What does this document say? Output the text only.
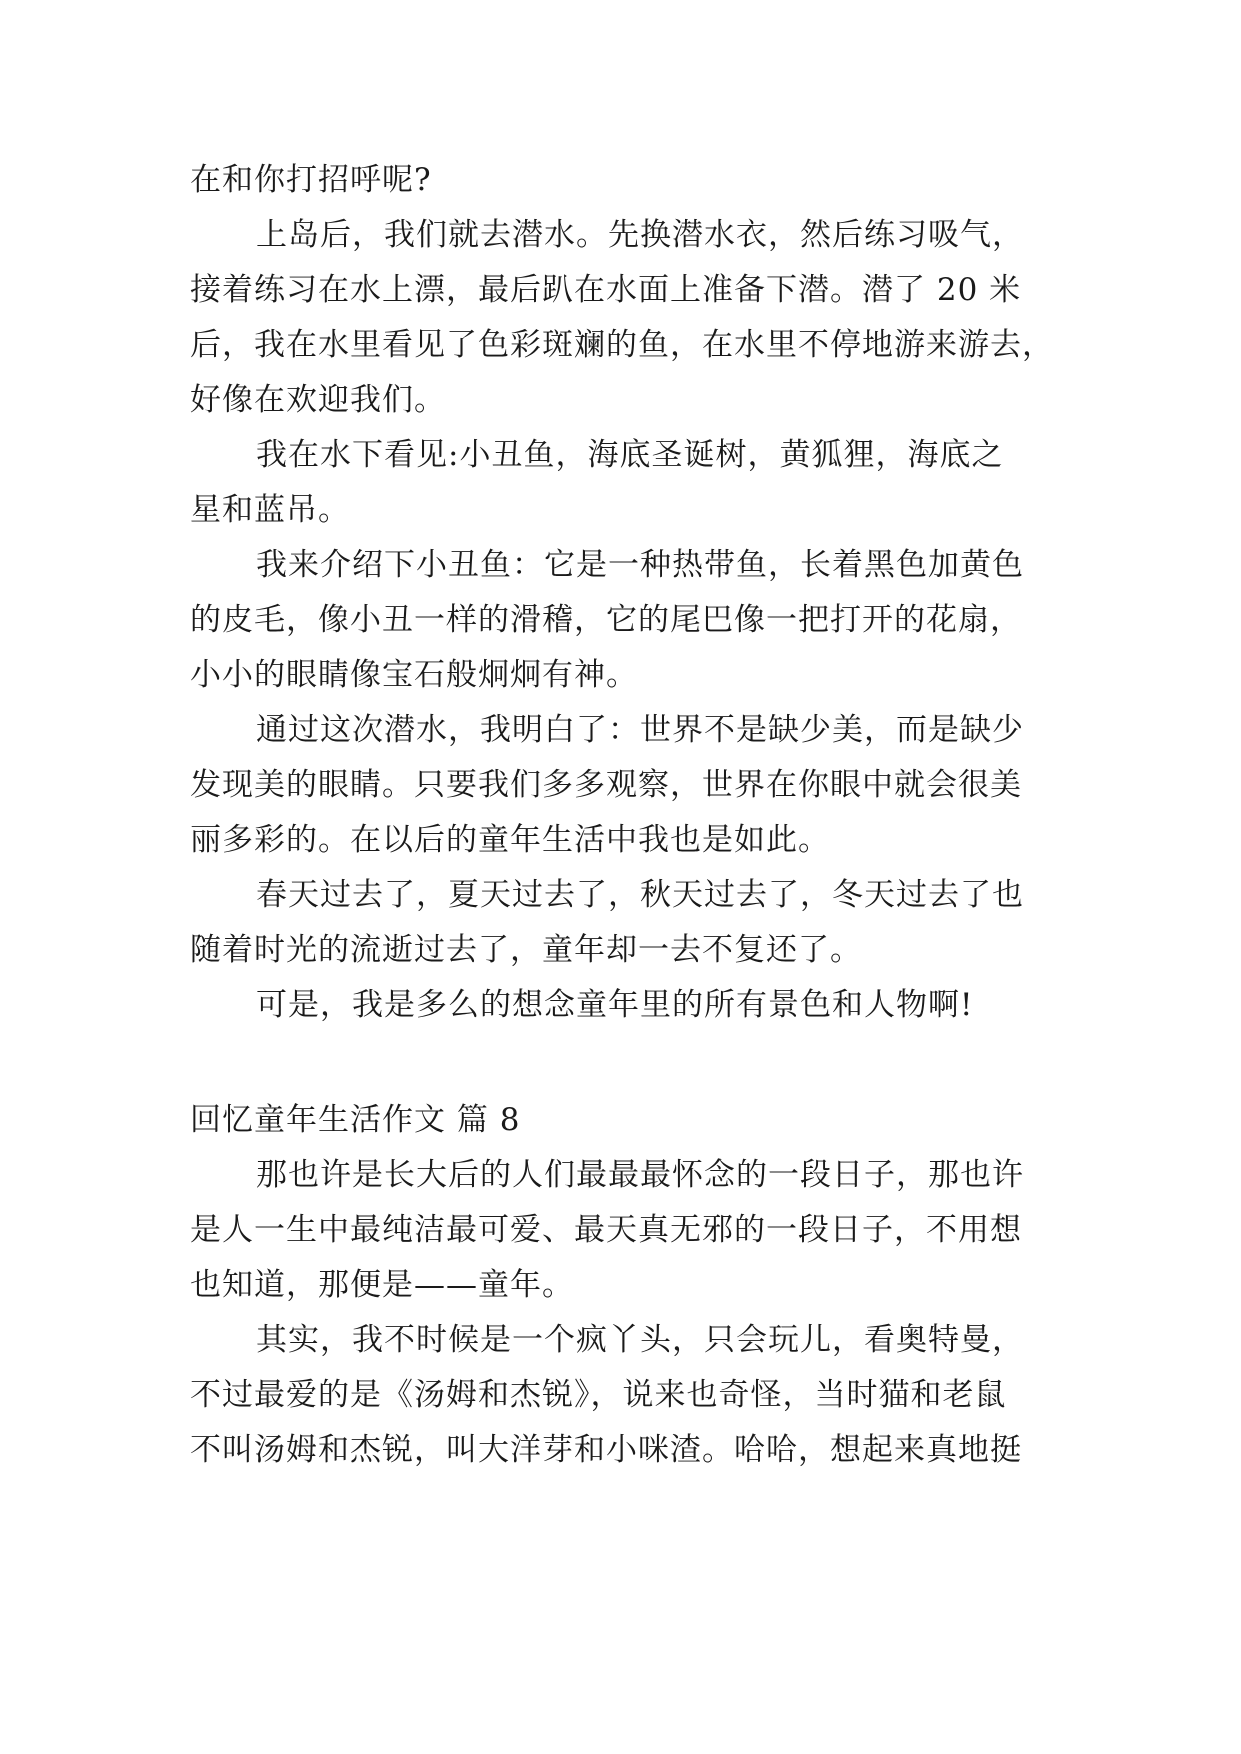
在和你打招呼呢?
上岛后，我们就去潜水。先换潜水衣，然后练习吸气，
接着练习在水上漂，最后趴在水面上准备下潜。潜了 20 米
后，我在水里看见了色彩斑斓的鱼，在水里不停地游来游去，
好像在欢迎我们。
我在水下看见:小丑鱼，海底圣诞树，黄狐狸，海底之
星和蓝吊。
我来介绍下小丑鱼：它是一种热带鱼，长着黑色加黄色
的皮毛，像小丑一样的滑稽，它的尾巴像一把打开的花扇，
小小的眼睛像宝石般炯炯有神。
通过这次潜水，我明白了：世界不是缺少美，而是缺少
发现美的眼睛。只要我们多多观察，世界在你眼中就会很美
丽多彩的。在以后的童年生活中我也是如此。
春天过去了，夏天过去了，秋天过去了，冬天过去了也
随着时光的流逝过去了，童年却一去不复还了。
可是，我是多么的想念童年里的所有景色和人物啊!
回忆童年生活作文 篇 8
那也许是长大后的人们最最最怀念的一段日子，那也许
是人一生中最纯洁最可爱、最天真无邪的一段日子，不用想
也知道，那便是——童年。
其实，我不时候是一个疯丫头，只会玩儿，看奥特曼，
不过最爱的是《汤姆和杰锐》，说来也奇怪，当时猫和老鼠
不叫汤姆和杰锐，叫大洋芽和小咪渣。哈哈，想起来真地挺
